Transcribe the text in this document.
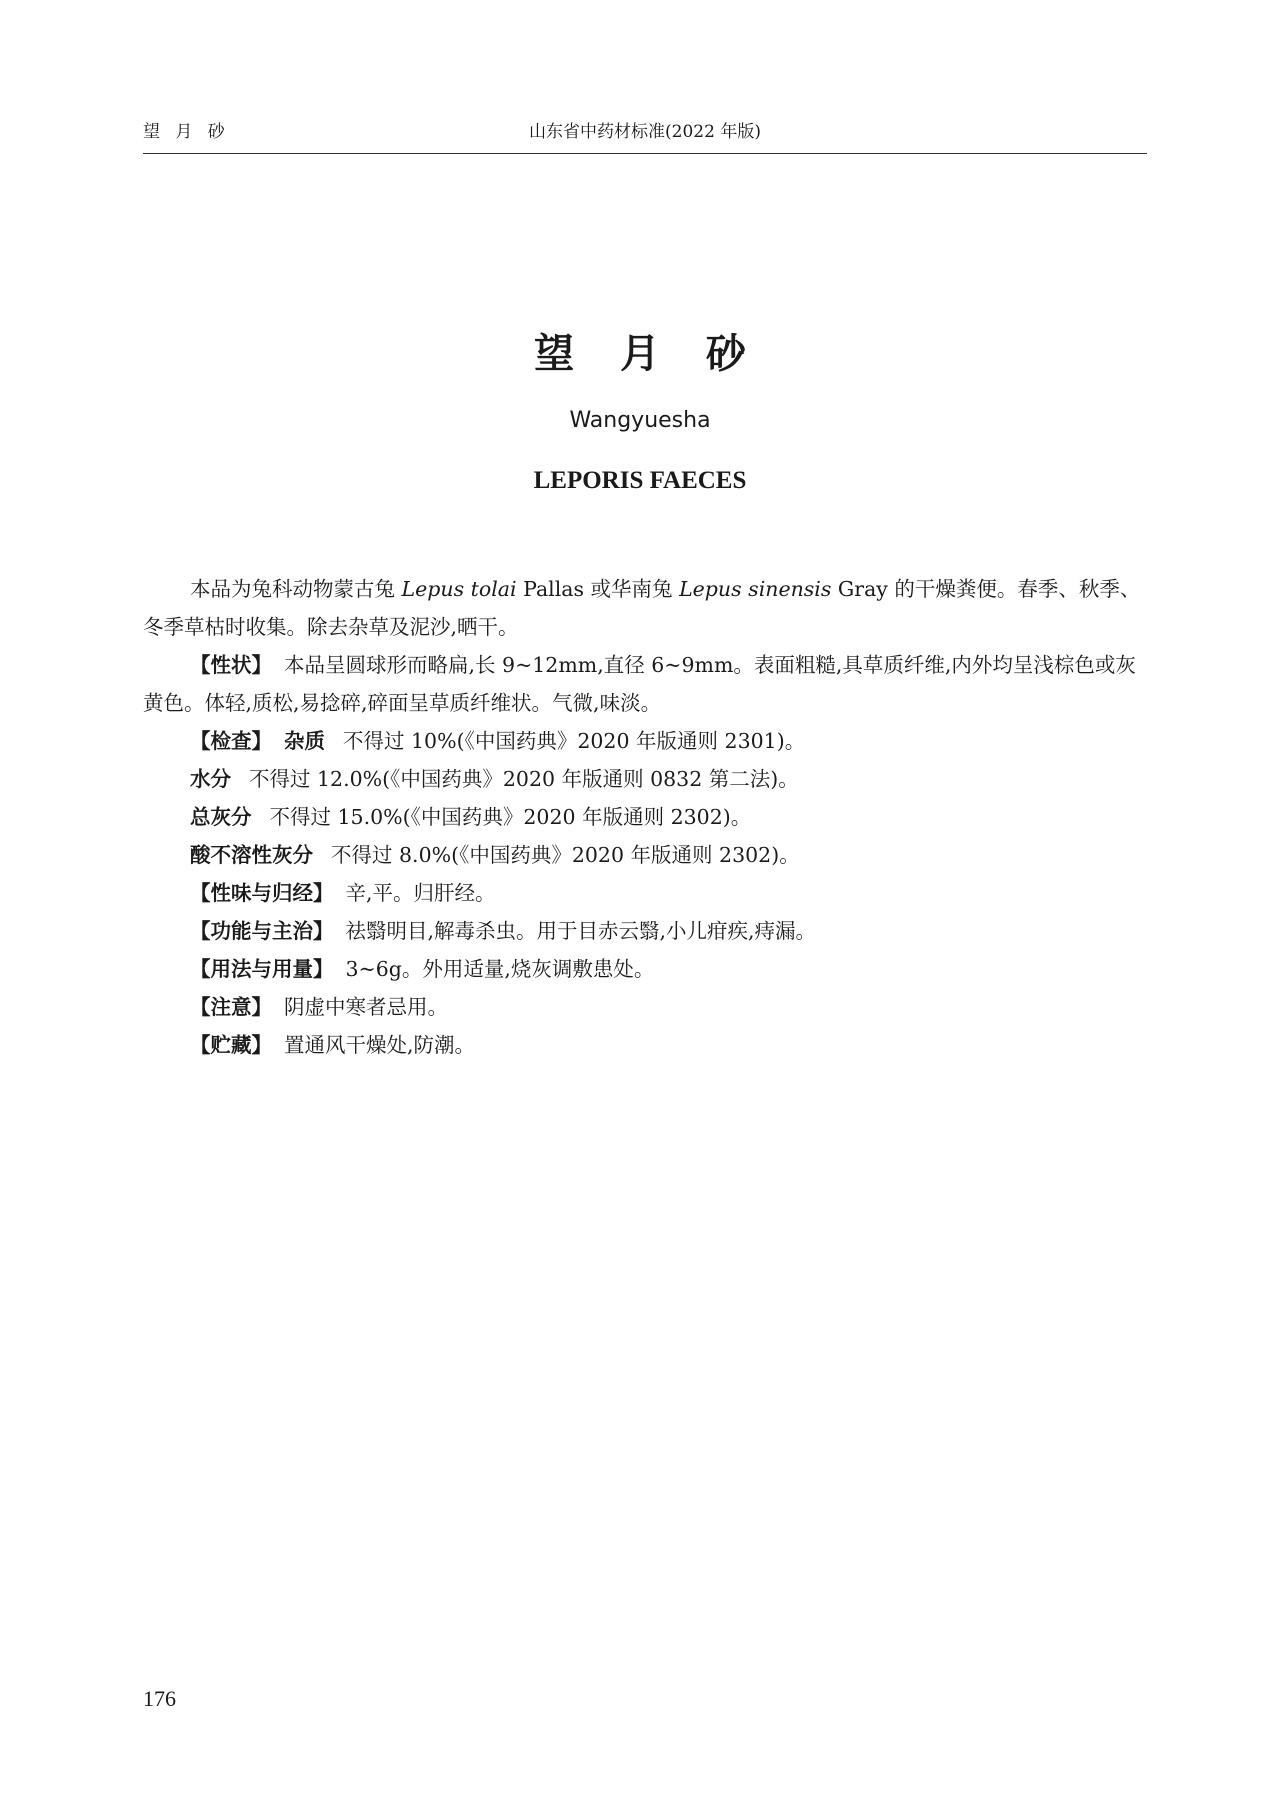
望 月 砂	山东省中药材标准(2022 年版)
望 月 砂
Wangyuesha
LEPORIS FAECES

本品为兔科动物蒙古兔 Lepus tolai Pallas 或华南兔 Lepus sinensis Gray 的干燥粪便。春季、秋季、冬季草枯时收集。除去杂草及泥沙,晒干。

【性状】 本品呈圆球形而略扁,长 9~12mm,直径 6~9mm。表面粗糙,具草质纤维,内外均呈浅棕色或灰黄色。体轻,质松,易捻碎,碎面呈草质纤维状。气微,味淡。

【检查】 杂质 不得过 10%(《中国药典》2020 年版通则 2301)。

水分 不得过 12.0%(《中国药典》2020 年版通则 0832 第二法)。

总灰分 不得过 15.0%(《中国药典》2020 年版通则 2302)。

酸不溶性灰分 不得过 8.0%(《中国药典》2020 年版通则 2302)。

【性味与归经】 辛,平。归肝经。

【功能与主治】 祛翳明目,解毒杀虫。用于目赤云翳,小儿疳疾,痔漏。

【用法与用量】 3~6g。外用适量,烧灰调敷患处。

【注意】 阴虚中寒者忌用。

【贮藏】 置通风干燥处,防潮。

176
